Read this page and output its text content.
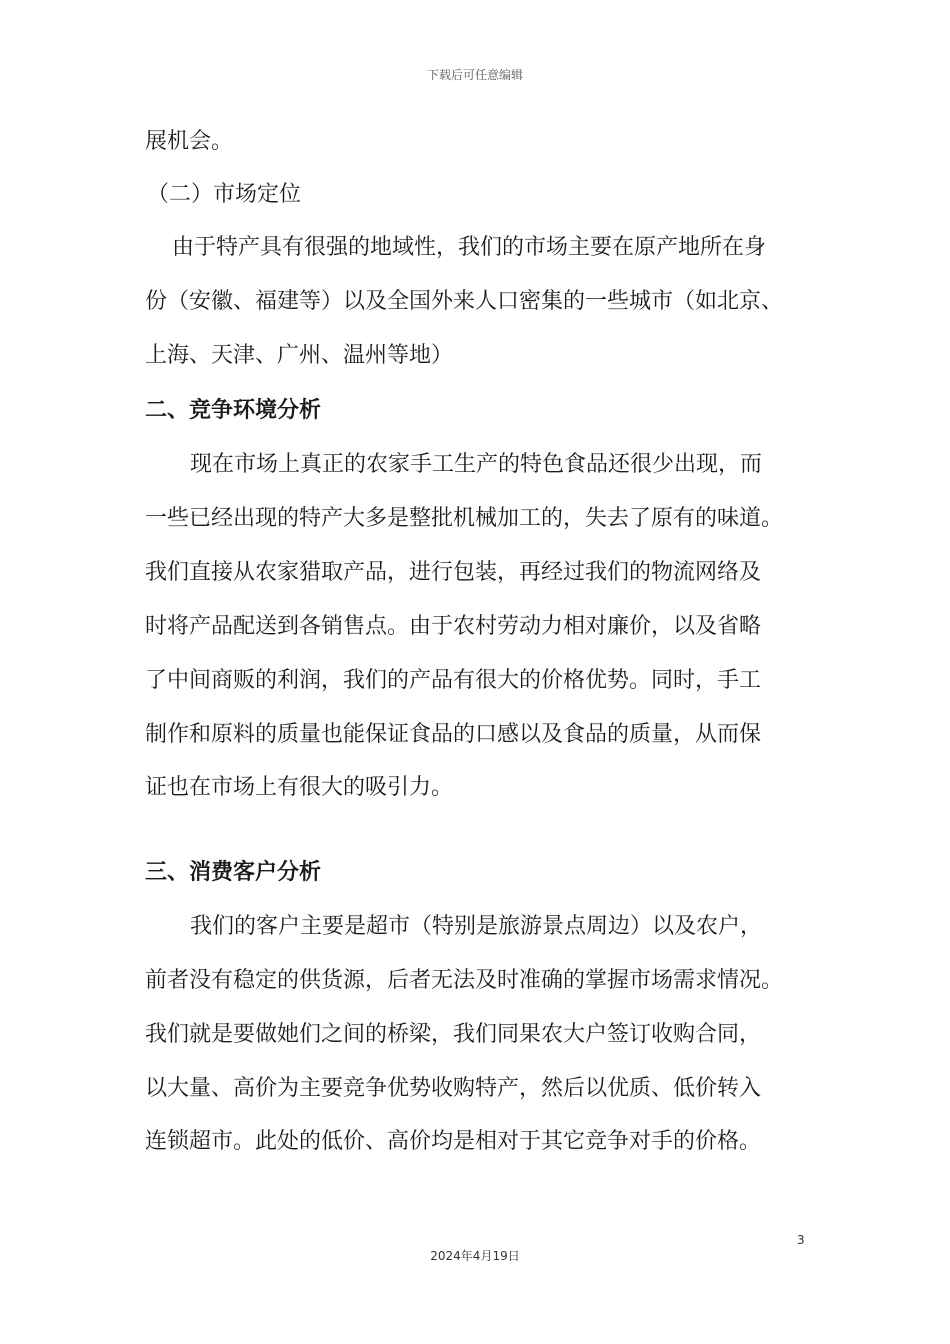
下载后可任意编辑
展机会。
（二）市场定位
由于特产具有很强的地域性，我们的市场主要在原产地所在身
份（安徽、福建等）以及全国外来人口密集的一些城市（如北京、
上海、天津、广州、温州等地）
二、竞争环境分析
现在市场上真正的农家手工生产的特色食品还很少出现，而
一些已经出现的特产大多是整批机械加工的，失去了原有的味道。
我们直接从农家猎取产品，进行包装，再经过我们的物流网络及
时将产品配送到各销售点。由于农村劳动力相对廉价，以及省略
了中间商贩的利润，我们的产品有很大的价格优势。同时，手工
制作和原料的质量也能保证食品的口感以及食品的质量，从而保
证也在市场上有很大的吸引力。
三、消费客户分析
我们的客户主要是超市（特别是旅游景点周边）以及农户，
前者没有稳定的供货源，后者无法及时准确的掌握市场需求情况。
我们就是要做她们之间的桥梁，我们同果农大户签订收购合同，
以大量、高价为主要竞争优势收购特产，然后以优质、低价转入
连锁超市。此处的低价、高价均是相对于其它竞争对手的价格。
3
2024年4月19日
